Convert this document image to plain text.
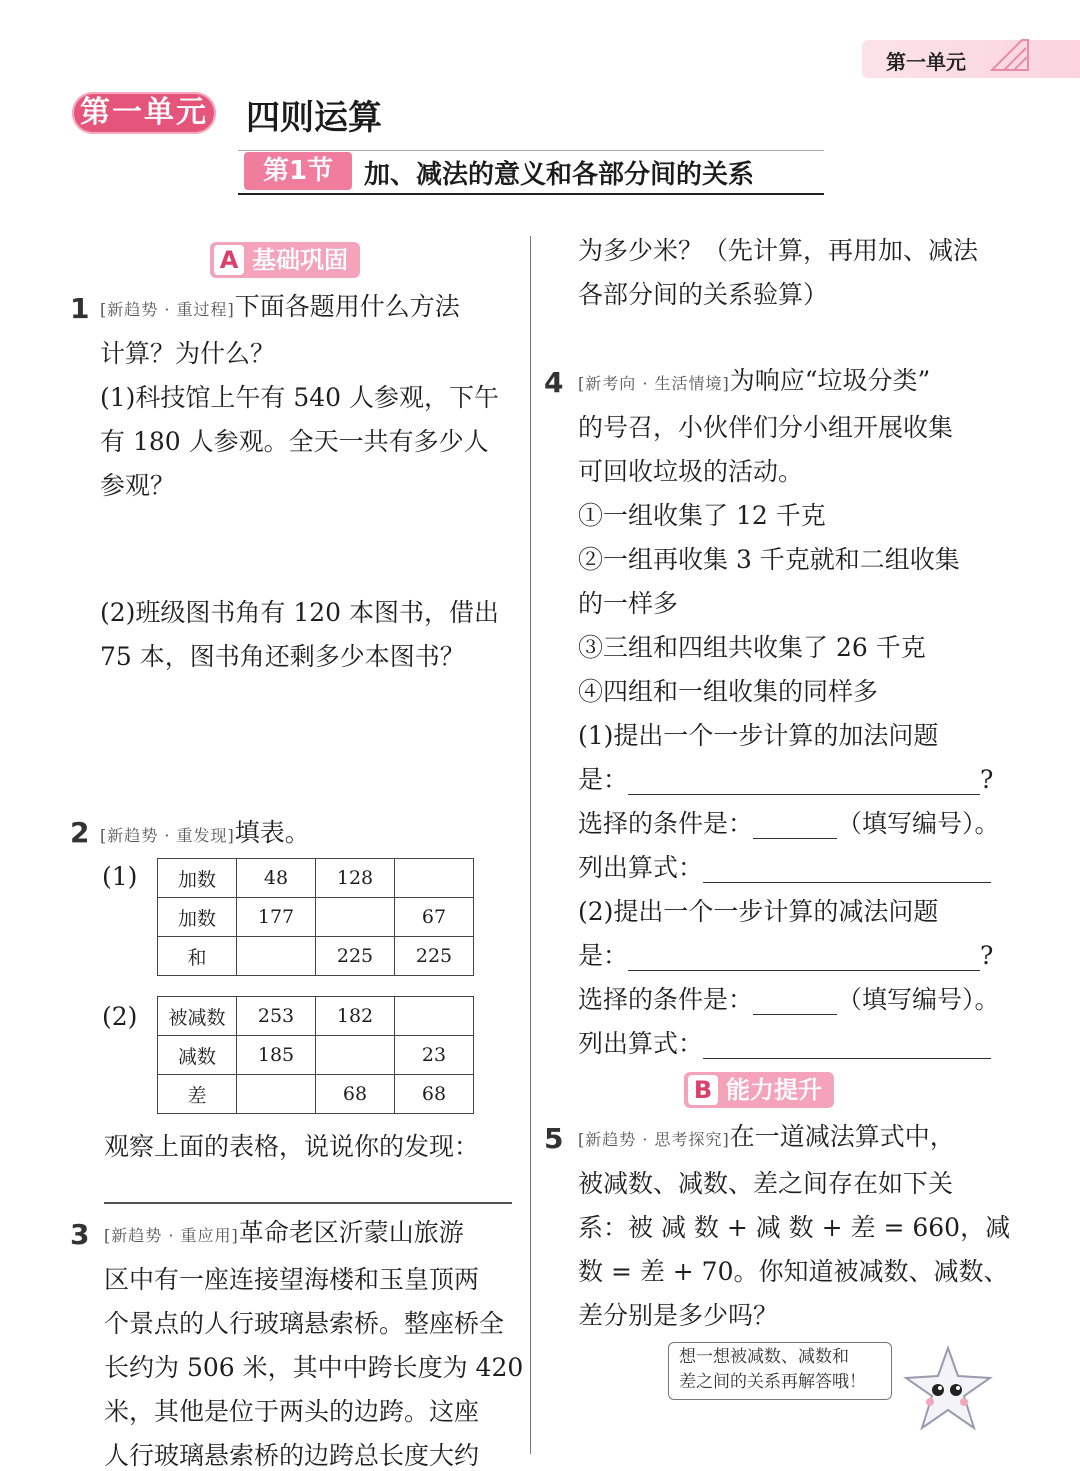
第一单元
第一单元 四则运算
第1节	加、减法的意义和各部分间的关系
A 基础巩固
1 [新趋势 · 重过程]下面各题用什么方法
计算？为什么？
(1)科技馆上午有 540 人参观，下午
有 180 人参观。全天一共有多少人
参观？
(2)班级图书角有 120 本图书，借出
75 本，图书角还剩多少本图书？
2 [新趋势 · 重发现]填表。
(1) 加数	48	128	
加数	177		67
和		225	225
(2) 被减数	253	182	
减数	185		23
差		68	68
观察上面的表格，说说你的发现：
3 [新趋势 · 重应用]革命老区沂蒙山旅游
区中有一座连接望海楼和玉皇顶两
个景点的人行玻璃悬索桥。整座桥全
长约为 506 米，其中中跨长度为 420
米，其他是位于两头的边跨。这座
人行玻璃悬索桥的边跨总长度大约
为多少米？（先计算，再用加、减法
各部分间的关系验算）
4 [新考向 · 生活情境]为响应“垃圾分类”
的号召，小伙伴们分小组开展收集
可回收垃圾的活动。
①一组收集了 12 千克
②一组再收集 3 千克就和二组收集
的一样多
③三组和四组共收集了 26 千克
④四组和一组收集的同样多
(1)提出一个一步计算的加法问题
是：	?
选择的条件是：	（填写编号）。
列出算式：
(2)提出一个一步计算的减法问题
是：	?
选择的条件是：	（填写编号）。
列出算式：
B 能力提升
5 [新趋势 · 思考探究]在一道减法算式中，
被减数、减数、差之间存在如下关
系：被 减 数 + 减 数 + 差 = 660，减
数 = 差 + 70。你知道被减数、减数、
差分别是多少吗？
想一想被减数、减数和
差之间的关系再解答哦！
